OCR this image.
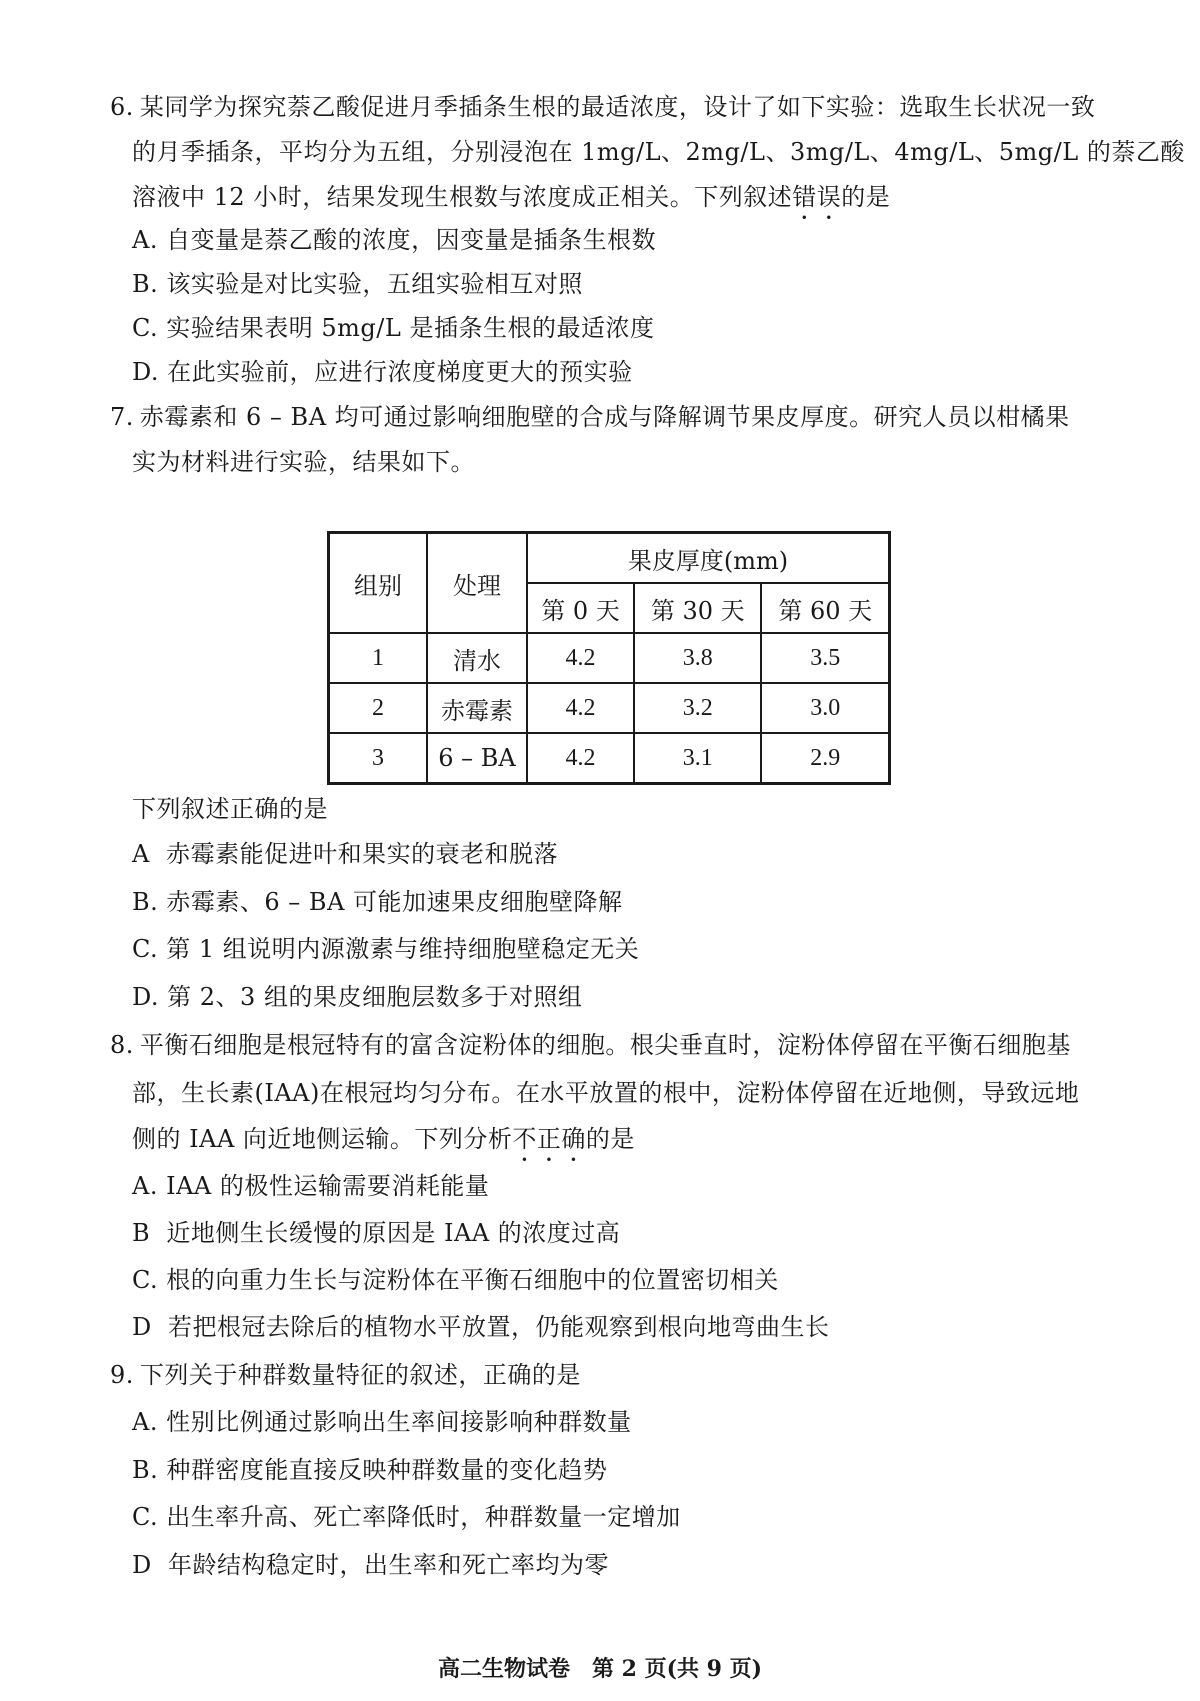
6. 某同学为探究萘乙酸促进月季插条生根的最适浓度，设计了如下实验：选取生长状况一致
的月季插条，平均分为五组，分别浸泡在 1mg/L、2mg/L、3mg/L、4mg/L、5mg/L 的萘乙酸
溶液中 12 小时，结果发现生根数与浓度成正相关。下列叙述错误的是
A. 自变量是萘乙酸的浓度，因变量是插条生根数
B. 该实验是对比实验，五组实验相互对照
C. 实验结果表明 5mg/L 是插条生根的最适浓度
D. 在此实验前，应进行浓度梯度更大的预实验
7. 赤霉素和 6 – BA 均可通过影响细胞壁的合成与降解调节果皮厚度。研究人员以柑橘果
实为材料进行实验，结果如下。
组别	处理	果皮厚度(mm)		
		第 0 天	第 30 天	第 60 天
1	清水	4.2	3.8	3.5
2	赤霉素	4.2	3.2	3.0
3	6 – BA	4.2	3.1	2.9
下列叙述正确的是
A 赤霉素能促进叶和果实的衰老和脱落
B. 赤霉素、6 – BA 可能加速果皮细胞壁降解
C. 第 1 组说明内源激素与维持细胞壁稳定无关
D. 第 2、3 组的果皮细胞层数多于对照组
8. 平衡石细胞是根冠特有的富含淀粉体的细胞。根尖垂直时，淀粉体停留在平衡石细胞基
部，生长素(IAA)在根冠均匀分布。在水平放置的根中，淀粉体停留在近地侧，导致远地
侧的 IAA 向近地侧运输。下列分析不正确的是
A. IAA 的极性运输需要消耗能量
B 近地侧生长缓慢的原因是 IAA 的浓度过高
C. 根的向重力生长与淀粉体在平衡石细胞中的位置密切相关
D 若把根冠去除后的植物水平放置，仍能观察到根向地弯曲生长
9. 下列关于种群数量特征的叙述，正确的是
A. 性别比例通过影响出生率间接影响种群数量
B. 种群密度能直接反映种群数量的变化趋势
C. 出生率升高、死亡率降低时，种群数量一定增加
D 年龄结构稳定时，出生率和死亡率均为零
高二生物试卷　第 2 页(共 9 页)
